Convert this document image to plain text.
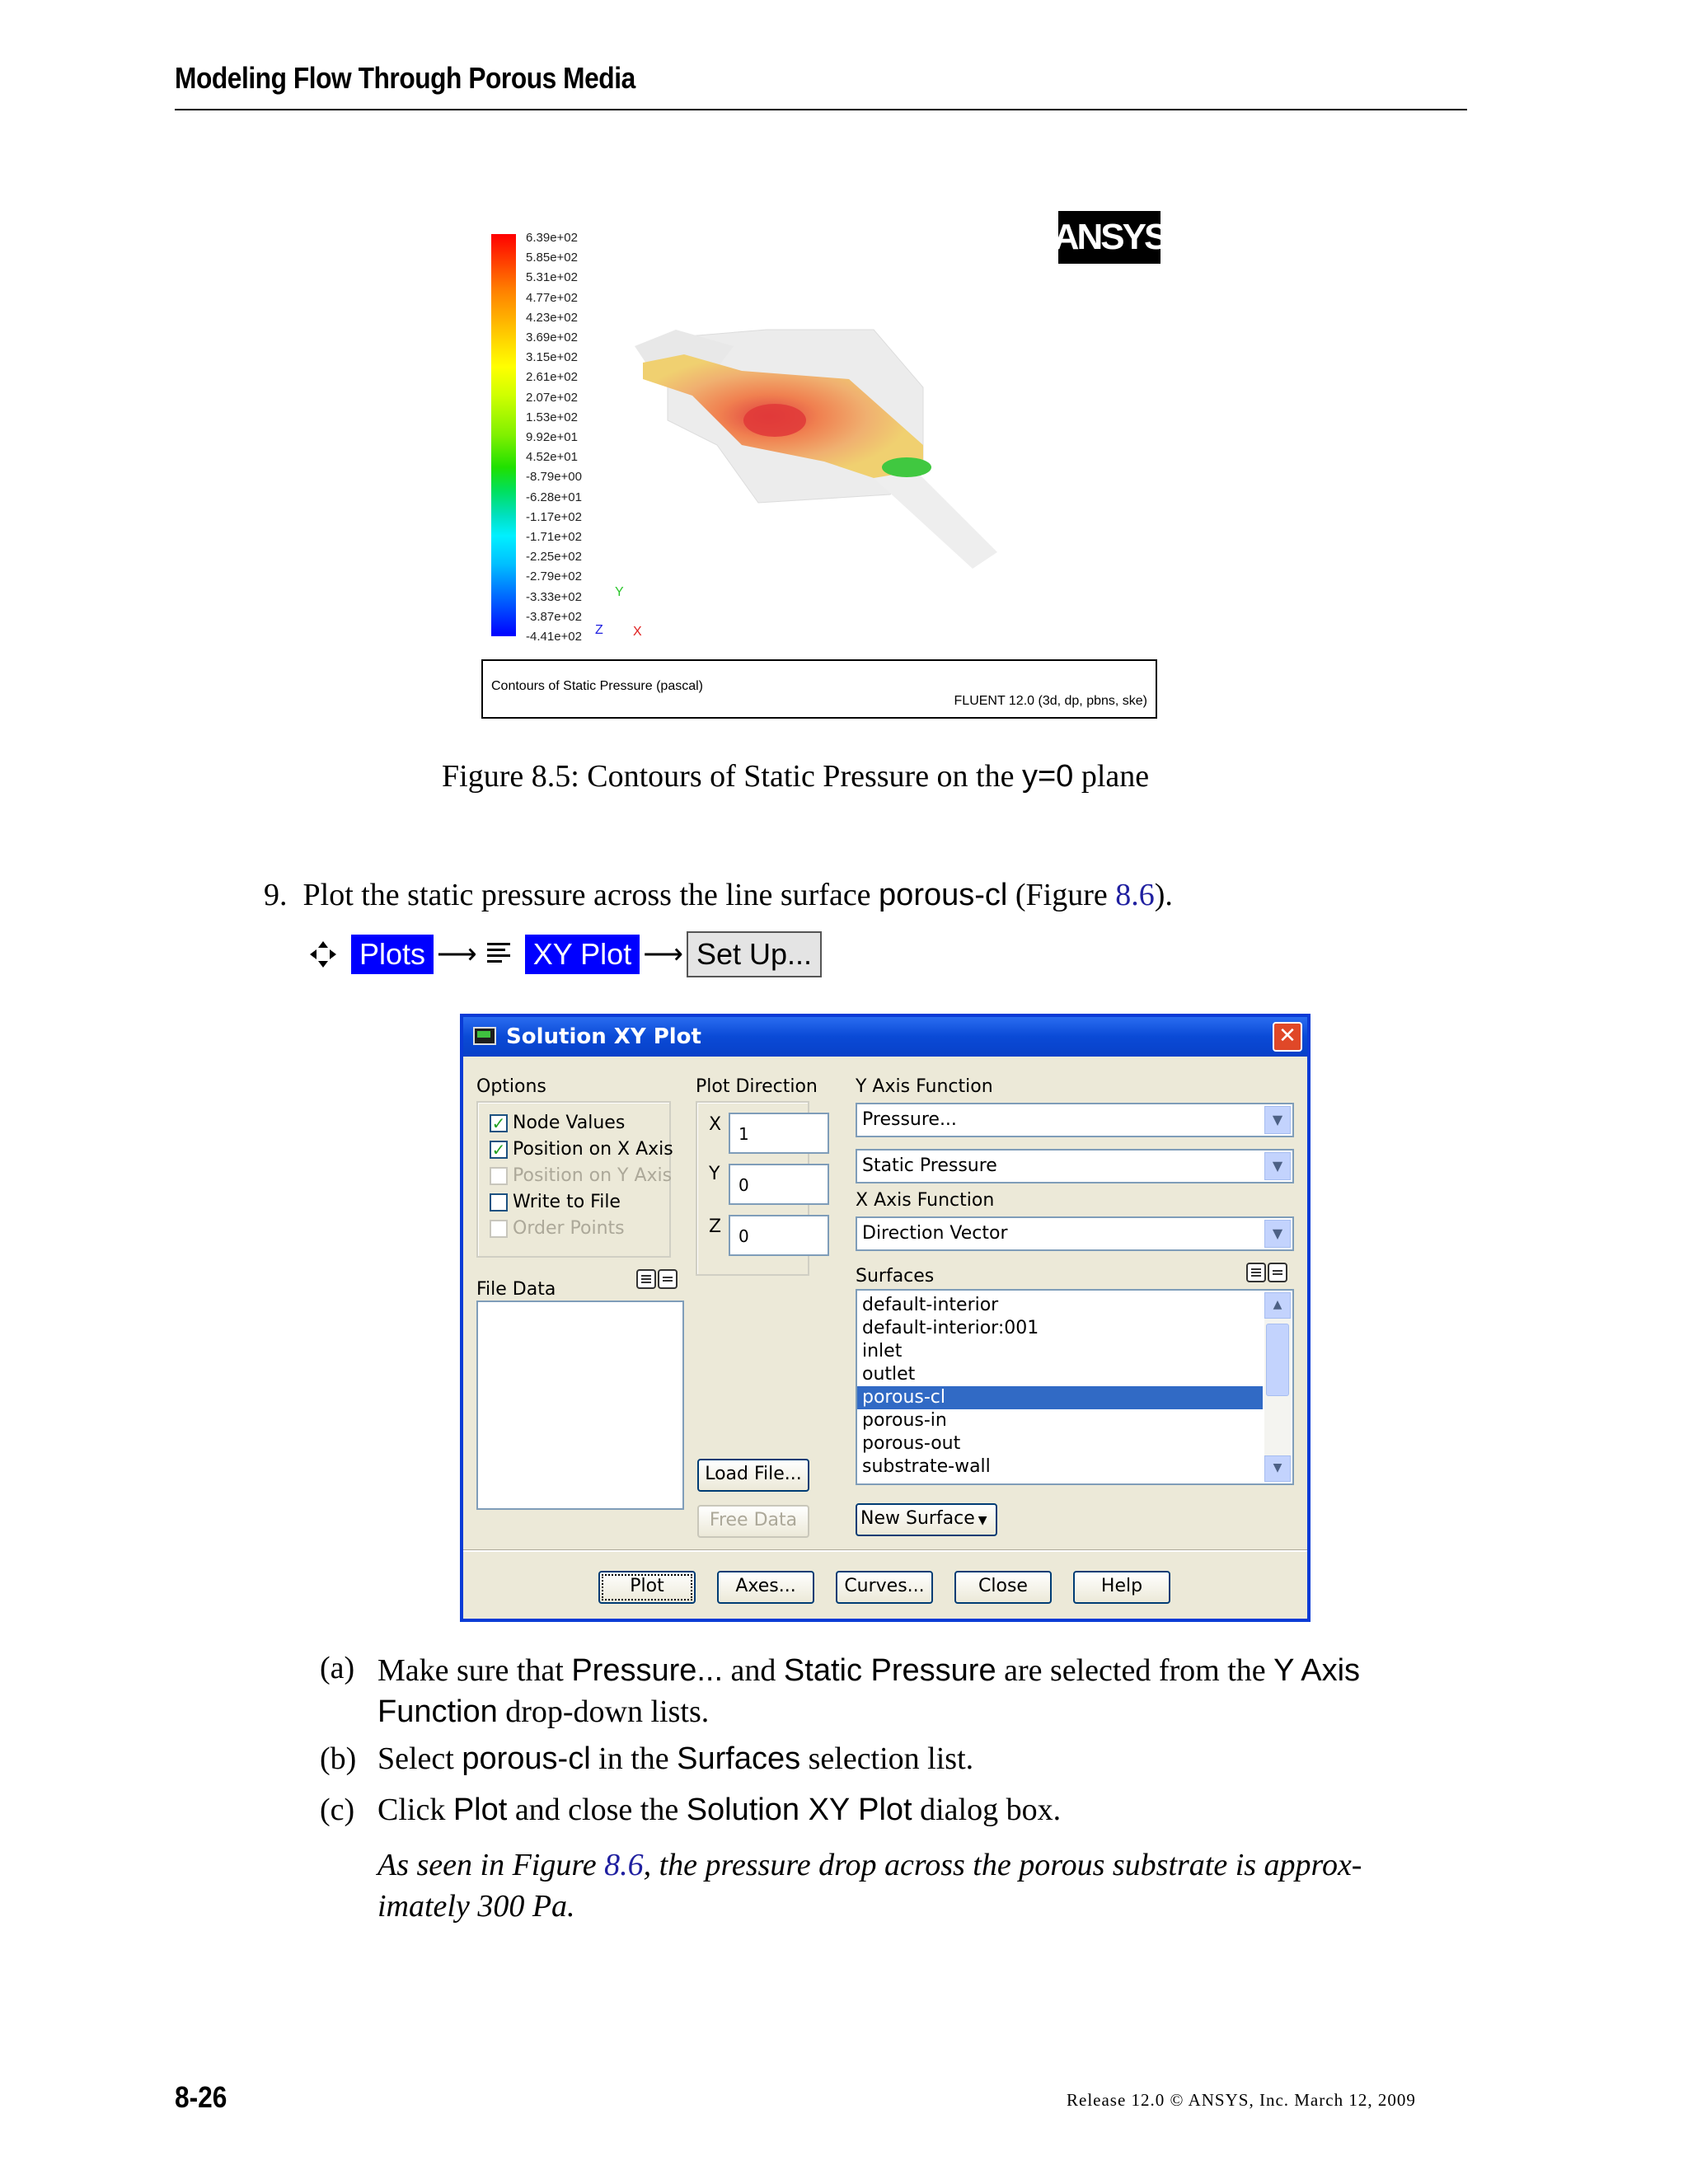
Modeling Flow Through Porous Media
6.39e+02
5.85e+02
5.31e+02
4.77e+02
4.23e+02
3.69e+02
3.15e+02
2.61e+02
2.07e+02
1.53e+02
9.92e+01
4.52e+01
-8.79e+00
-6.28e+01
-1.17e+02
-1.71e+02
-2.25e+02
-2.79e+02
-3.33e+02
-3.87e+02
-4.41e+02
Y
Z X
ANSYS
Contours of Static Pressure (pascal)
FLUENT 12.0 (3d, dp, pbns, ske)
Figure 8.5: Contours of Static Pressure on the y=0 plane
9. Plot the static pressure across the line surface porous-cl (Figure 8.6).
Plots ⟶ XY Plot ⟶ Set Up...
Solution XY Plot	✕
Options	Plot Direction
X	1
Y
0
Z	0
Y Axis Function
Pressure...	▼
Static Pressure	▼
X Axis Function
Direction Vector	▼
File Data
Surfaces
default-interior
default-interior:001
inlet
outlet
porous-cl
porous-in
porous-out
substrate-wall
▲
▼
Load File...
Free Data	New Surface ▼
Plot	Axes...	Curves...	Close	Help
✓ Node Values
✓ Position on X Axis
Position on Y Axis
Write to File
Order Points
(a) Make sure that Pressure... and Static Pressure are selected from the Y Axis
Function drop-down lists.
(b) Select porous-cl in the Surfaces selection list.
(c) Click Plot and close the Solution XY Plot dialog box.
As seen in Figure 8.6, the pressure drop across the porous substrate is approx-
imately 300 Pa.
8-26	Release 12.0 © ANSYS, Inc. March 12, 2009
